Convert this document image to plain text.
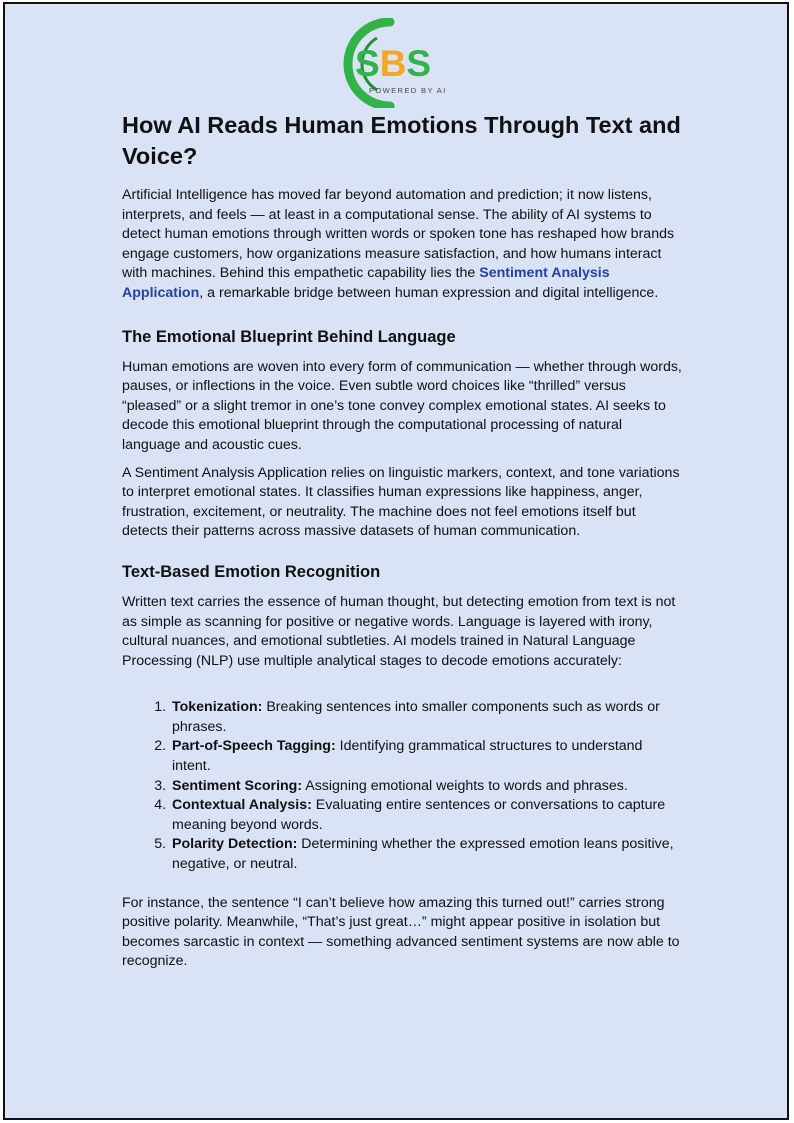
SBS
POWERED BY AI
How AI Reads Human Emotions Through Text and Voice?

Artificial Intelligence has moved far beyond automation and prediction; it now listens, interprets, and feels — at least in a computational sense. The ability of AI systems to detect human emotions through written words or spoken tone has reshaped how brands engage customers, how organizations measure satisfaction, and how humans interact with machines. Behind this empathetic capability lies the Sentiment Analysis Application, a remarkable bridge between human expression and digital intelligence.

The Emotional Blueprint Behind Language

Human emotions are woven into every form of communication — whether through words, pauses, or inflections in the voice. Even subtle word choices like “thrilled” versus “pleased” or a slight tremor in one’s tone convey complex emotional states. AI seeks to decode this emotional blueprint through the computational processing of natural language and acoustic cues.

A Sentiment Analysis Application relies on linguistic markers, context, and tone variations to interpret emotional states. It classifies human expressions like happiness, anger, frustration, excitement, or neutrality. The machine does not feel emotions itself but detects their patterns across massive datasets of human communication.

Text-Based Emotion Recognition

Written text carries the essence of human thought, but detecting emotion from text is not as simple as scanning for positive or negative words. Language is layered with irony, cultural nuances, and emotional subtleties. AI models trained in Natural Language Processing (NLP) use multiple analytical stages to decode emotions accurately:

1. Tokenization: Breaking sentences into smaller components such as words or phrases.
2. Part-of-Speech Tagging: Identifying grammatical structures to understand intent.
3. Sentiment Scoring: Assigning emotional weights to words and phrases.
4. Contextual Analysis: Evaluating entire sentences or conversations to capture meaning beyond words.
5. Polarity Detection: Determining whether the expressed emotion leans positive, negative, or neutral.

For instance, the sentence “I can’t believe how amazing this turned out!” carries strong positive polarity. Meanwhile, “That’s just great…” might appear positive in isolation but becomes sarcastic in context — something advanced sentiment systems are now able to recognize.
